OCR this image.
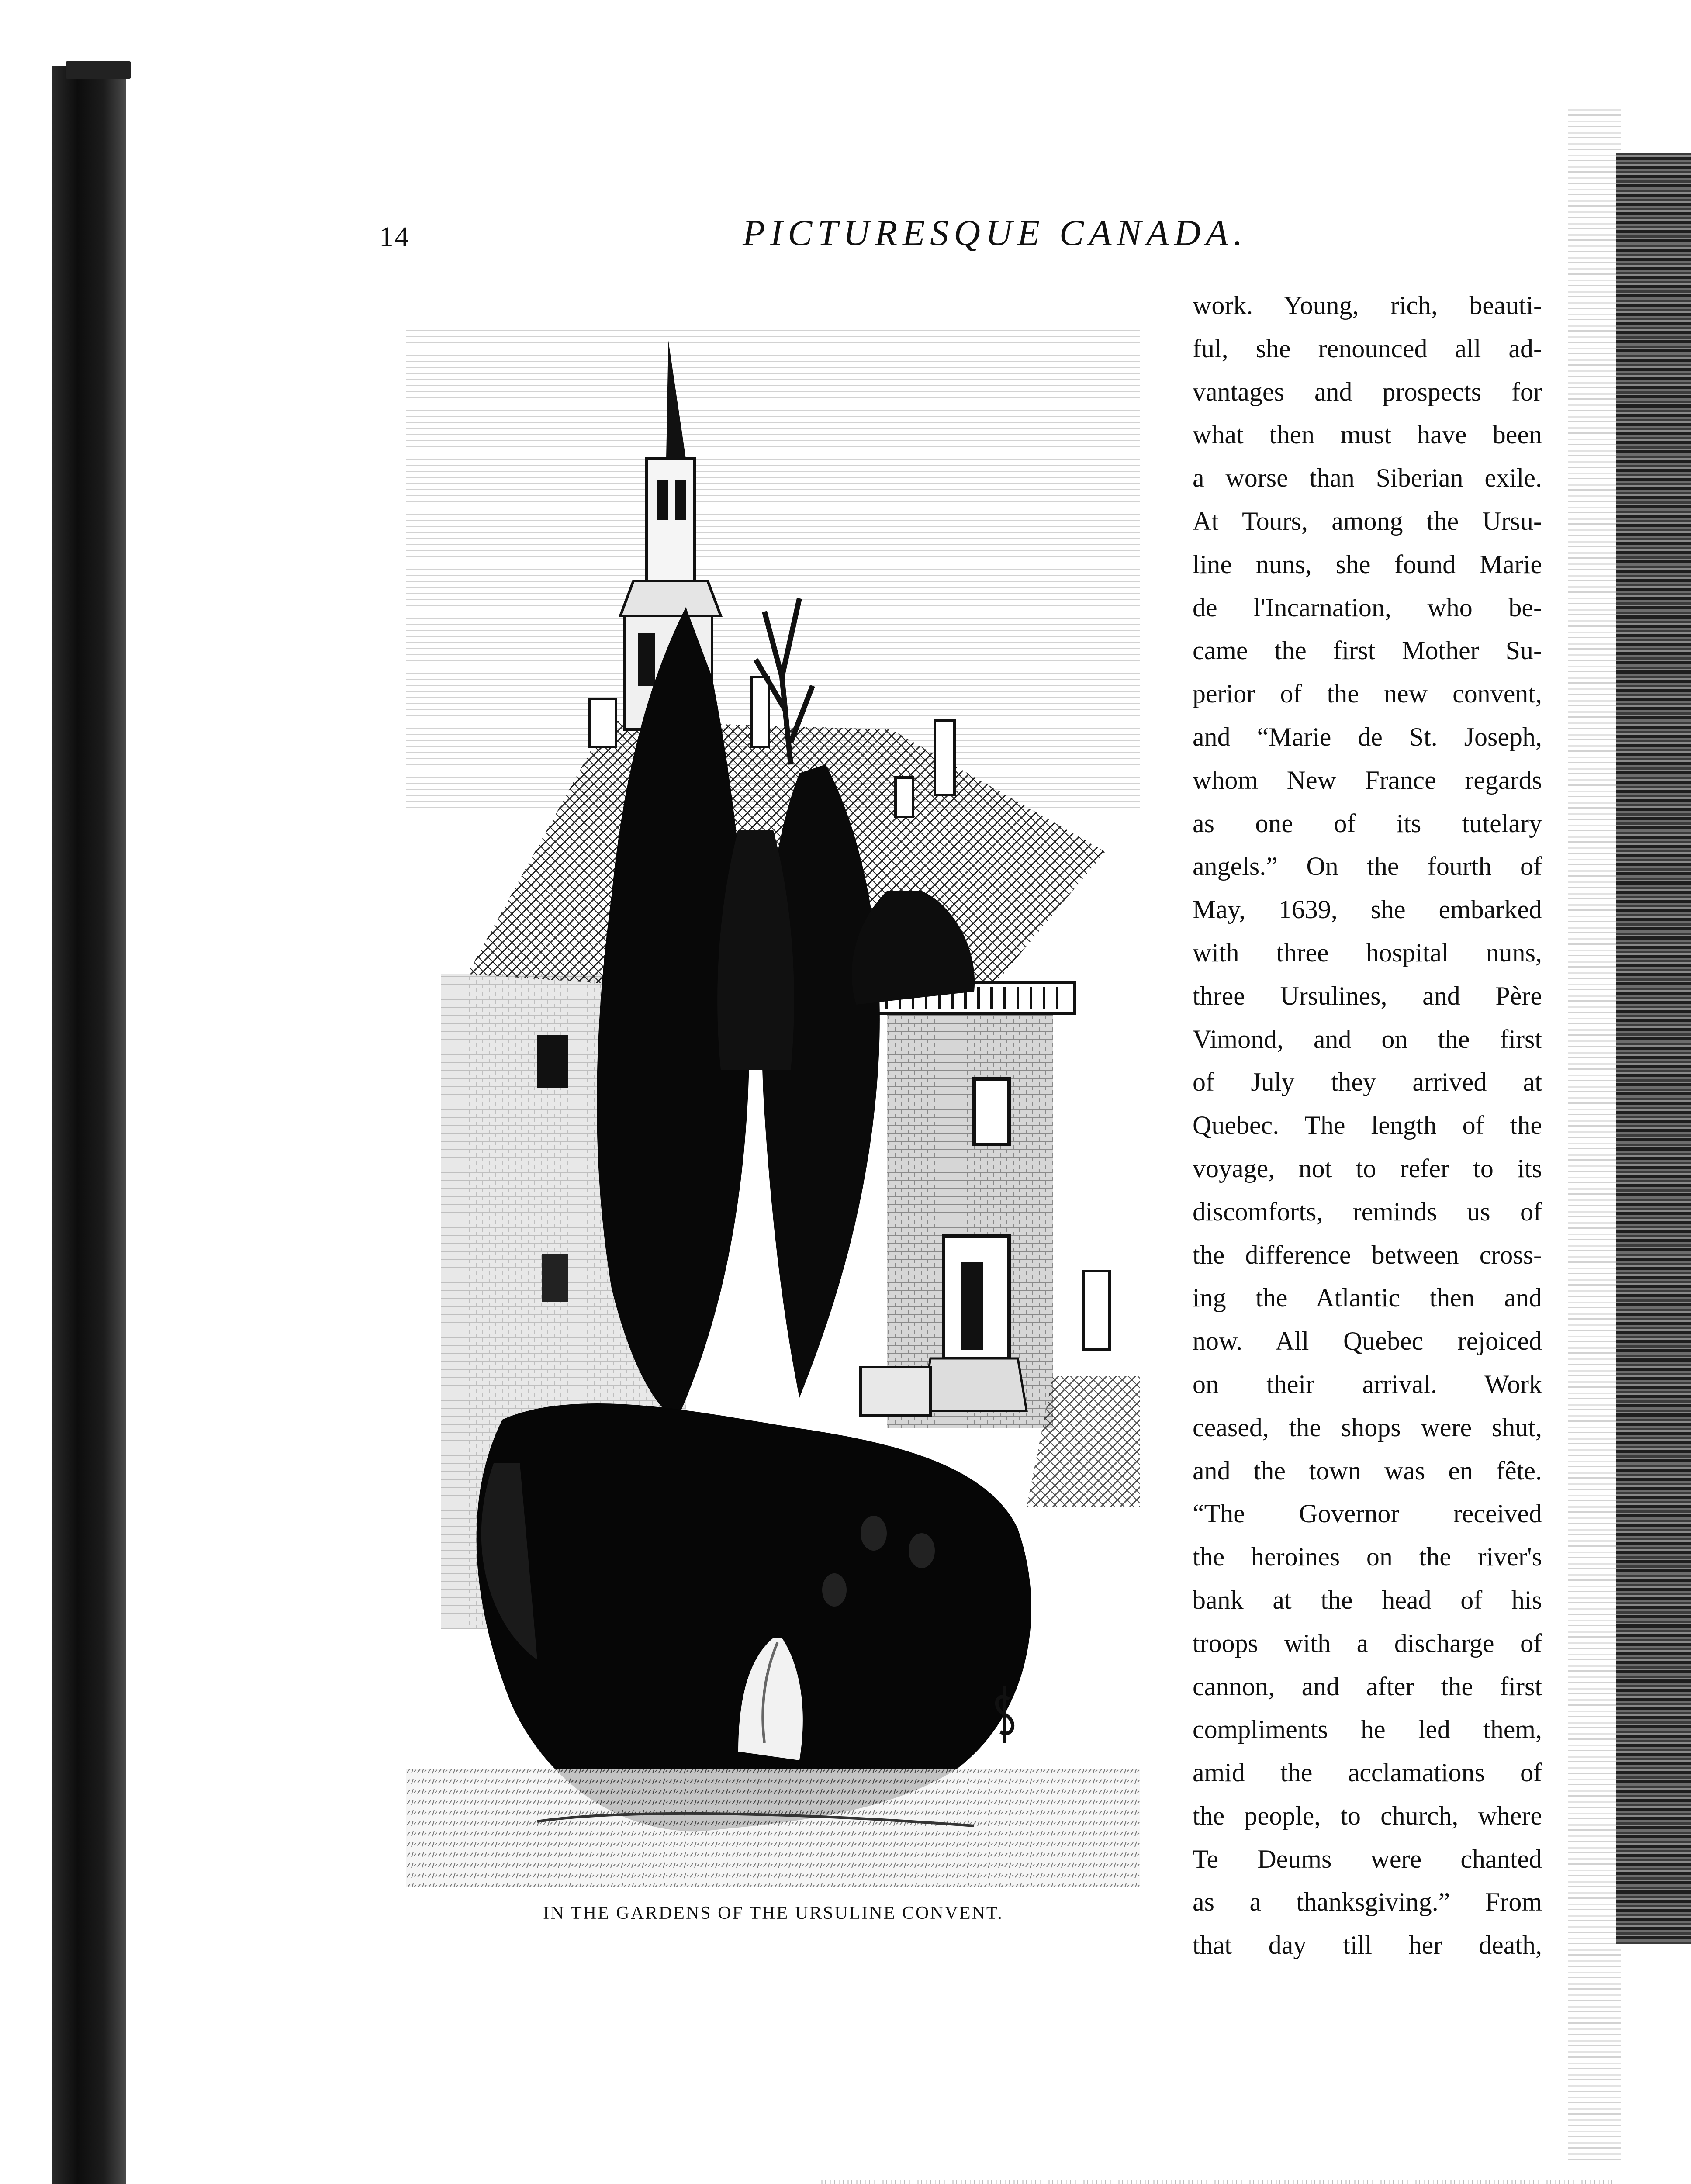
14	PICTURESQUE CANADA.
IN THE GARDENS OF THE URSULINE CONVENT.
work. Young, rich, beauti-
ful, she renounced all ad-
vantages and prospects for
what then must have been
a worse than Siberian exile.
At Tours, among the Ursu-
line nuns, she found Marie
de l'Incarnation, who be-
came the first Mother Su-
perior of the new convent,
and “Marie de St. Joseph,
whom New France regards
as one of its tutelary
angels.” On the fourth of
May, 1639, she embarked
with three hospital nuns,
three Ursulines, and Père
Vimond, and on the first
of July they arrived at
Quebec. The length of the
voyage, not to refer to its
discomforts, reminds us of
the difference between cross-
ing the Atlantic then and
now. All Quebec rejoiced
on their arrival. Work
ceased, the shops were shut,
and the town was en fête.
“The Governor received
the heroines on the river's
bank at the head of his
troops with a discharge of
cannon, and after the first
compliments he led them,
amid the acclamations of
the people, to church, where
Te Deums were chanted
as a thanksgiving.” From
that day till her death,
